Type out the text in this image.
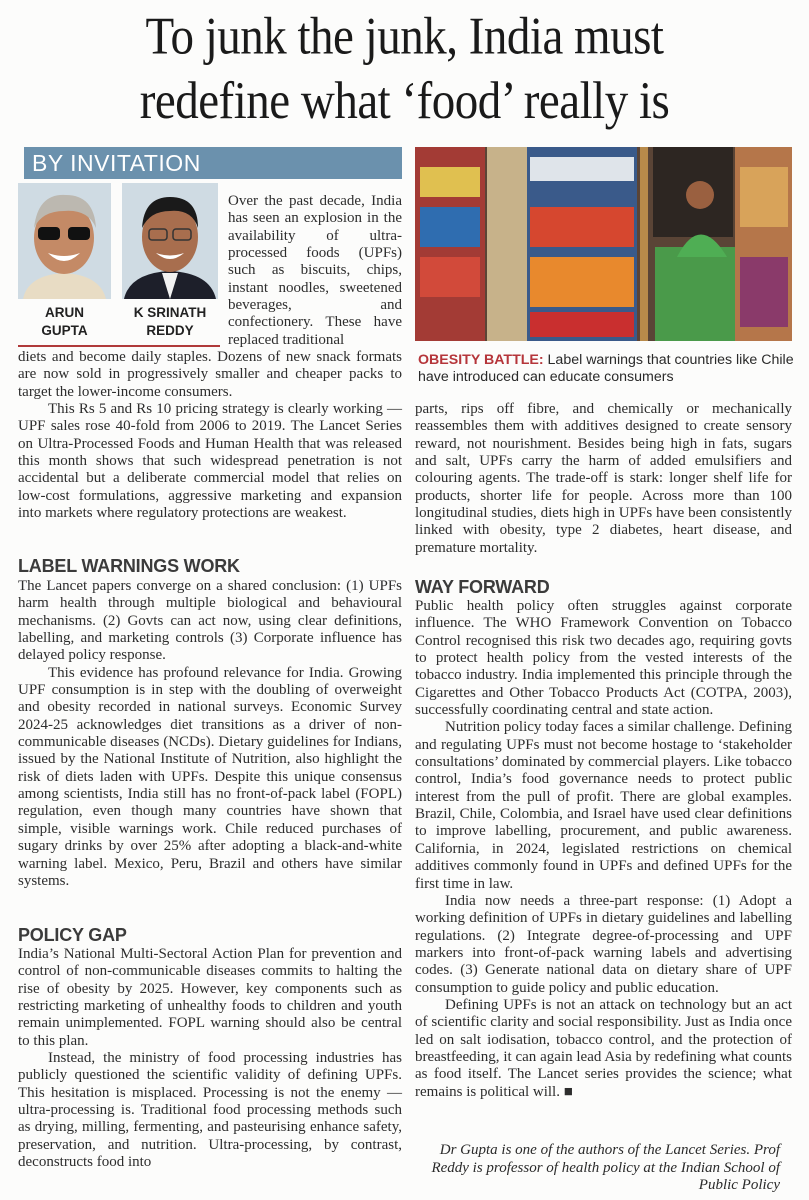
To junk the junk, India must
redefine what ‘food’ really is
BY INVITATION
ARUN
GUPTA
K SRINATH
REDDY

Over the past decade, India has seen an explosion in the availability of ultra-processed foods (UPFs) such as biscuits, chips, instant noodles, sweetened beverages, and confectionery. These have replaced traditional

diets and become daily staples. Dozens of new snack formats are now sold in progressively smaller and cheaper packs to target the lower-income consumers.

This Rs 5 and Rs 10 pricing strategy is clearly working — UPF sales rose 40-fold from 2006 to 2019. The Lancet Series on Ultra-Processed Foods and Human Health that was released this month shows that such widespread penetration is not accidental but a deliberate commercial model that relies on low-cost formulations, aggressive marketing and expansion into markets where regulatory protections are weakest.

LABEL WARNINGS WORK

The Lancet papers converge on a shared conclusion: (1) UPFs harm health through multiple biological and behavioural mechanisms. (2) Govts can act now, using clear definitions, labelling, and marketing controls (3) Corporate influence has delayed policy response.

This evidence has profound relevance for India. Growing UPF consumption is in step with the doubling of overweight and obesity recorded in national surveys. Economic Survey 2024-25 acknowledges diet transitions as a driver of non-communicable diseases (NCDs). Dietary guidelines for Indians, issued by the National Institute of Nutrition, also highlight the risk of diets laden with UPFs. Despite this unique consensus among scientists, India still has no front-of-pack label (FOPL) regulation, even though many countries have shown that simple, visible warnings work. Chile reduced purchases of sugary drinks by over 25% after adopting a black-and-white warning label. Mexico, Peru, Brazil and others have similar systems.

POLICY GAP

India’s National Multi-Sectoral Action Plan for prevention and control of non-communicable diseases commits to halting the rise of obesity by 2025. However, key components such as restricting marketing of unhealthy foods to children and youth remain unimplemented. FOPL warning should also be central to this plan.

Instead, the ministry of food processing industries has publicly questioned the scientific validity of defining UPFs. This hesitation is misplaced. Processing is not the enemy — ultra-processing is. Traditional food processing methods such as drying, milling, fermenting, and pasteurising enhance safety, preservation, and nutrition. Ultra-processing, by contrast, deconstructs food into

OBESITY BATTLE: Label warnings that countries like Chile have introduced can educate consumers

parts, rips off fibre, and chemically or mechanically reassembles them with additives designed to create sensory reward, not nourishment. Besides being high in fats, sugars and salt, UPFs carry the harm of added emulsifiers and colouring agents. The trade-off is stark: longer shelf life for products, shorter life for people. Across more than 100 longitudinal studies, diets high in UPFs have been consistently linked with obesity, type 2 diabetes, heart disease, and premature mortality.

WAY FORWARD

Public health policy often struggles against corporate influence. The WHO Framework Convention on Tobacco Control recognised this risk two decades ago, requiring govts to protect health policy from the vested interests of the tobacco industry. India implemented this principle through the Cigarettes and Other Tobacco Products Act (COTPA, 2003), successfully coordinating central and state action.

Nutrition policy today faces a similar challenge. Defining and regulating UPFs must not become hostage to ‘stakeholder consultations’ dominated by commercial players. Like tobacco control, India’s food governance needs to protect public interest from the pull of profit. There are global examples. Brazil, Chile, Colombia, and Israel have used clear definitions to improve labelling, procurement, and public awareness. California, in 2024, legislated restrictions on chemical additives commonly found in UPFs and defined UPFs for the first time in law.

India now needs a three-part response: (1) Adopt a working definition of UPFs in dietary guidelines and labelling regulations. (2) Integrate degree-of-processing and UPF markers into front-of-pack warning labels and advertising codes. (3) Generate national data on dietary share of UPF consumption to guide policy and public education.

Defining UPFs is not an attack on technology but an act of scientific clarity and social responsibility. Just as India once led on salt iodisation, tobacco control, and the protection of breastfeeding, it can again lead Asia by redefining what counts as food itself. The Lancet series provides the science; what remains is political will. ■

Dr Gupta is one of the authors of the Lancet Series. Prof Reddy is professor of health policy at the Indian School of Public Policy
